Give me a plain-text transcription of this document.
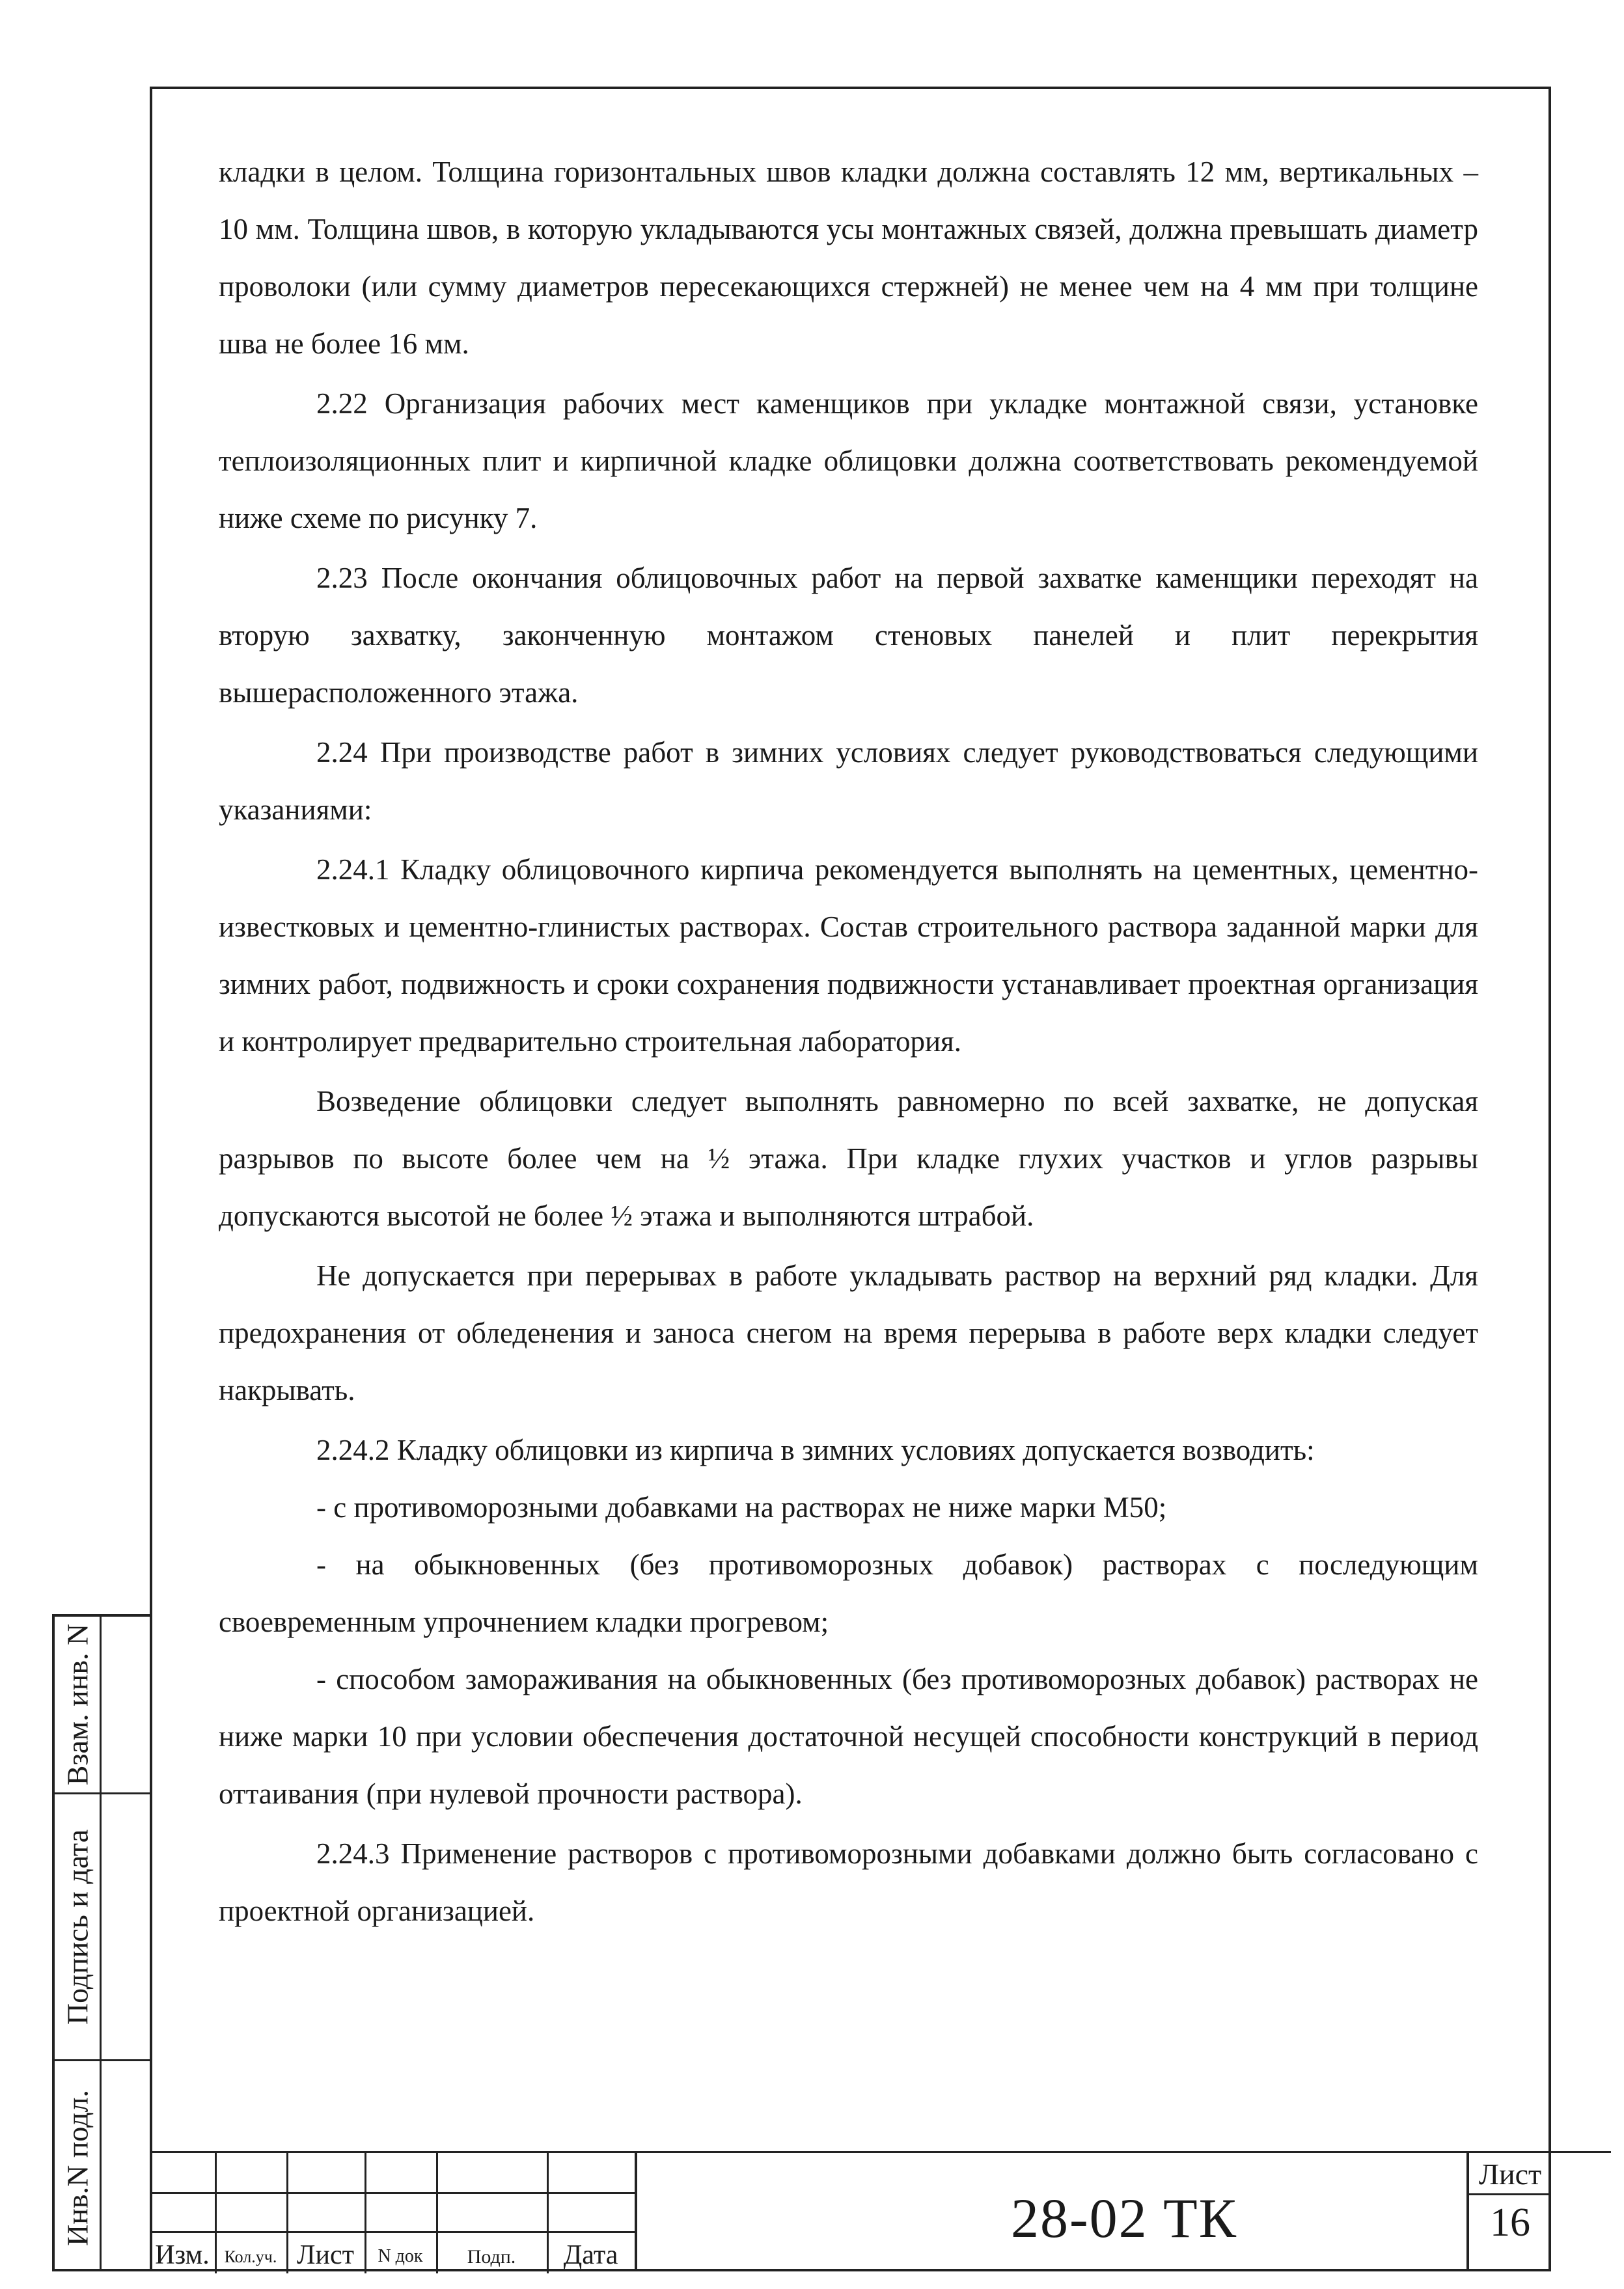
кладки в целом. Толщина горизонтальных швов кладки должна составлять 12 мм, вертикальных – 10 мм. Толщина швов, в которую укладываются усы монтажных связей, должна превышать диаметр проволоки (или сумму диаметров пересекающихся стержней) не менее чем на 4 мм при толщине шва не более 16 мм.

2.22 Организация рабочих мест каменщиков при укладке монтажной связи, установке теплоизоляционных плит и кирпичной кладке облицовки должна соответствовать рекомендуемой ниже схеме по рисунку 7.

2.23 После окончания облицовочных работ на первой захватке каменщики переходят на вторую захватку, законченную монтажом стеновых панелей и плит перекрытия вышерасположенного этажа.

2.24 При производстве работ в зимних условиях следует руководствоваться следующими указаниями:

2.24.1 Кладку облицовочного кирпича рекомендуется выполнять на цементных, цементно-известковых и цементно-глинистых растворах. Состав строительного раствора заданной марки для зимних работ, подвижность и сроки сохранения подвижности устанавливает проектная организация и контролирует предварительно строительная лаборатория.

Возведение облицовки следует выполнять равномерно по всей захватке, не допуская разрывов по высоте более чем на ½ этажа. При кладке глухих участков и углов разрывы допускаются высотой не более ½ этажа и выполняются штрабой.

Не допускается при перерывах в работе укладывать раствор на верхний ряд кладки. Для предохранения от обледенения и заноса снегом на время перерыва в работе верх кладки следует накрывать.

2.24.2 Кладку облицовки из кирпича в зимних условиях допускается возводить:

- с противоморозными добавками на растворах не ниже марки М50;

- на обыкновенных (без противоморозных добавок) растворах с последующим своевременным упрочнением кладки прогревом;

- способом замораживания на обыкновенных (без противоморозных добавок) растворах не ниже марки 10 при условии обеспечения достаточной несущей способности конструкций в период оттаивания (при нулевой прочности раствора).

2.24.3 Применение растворов с противоморозными добавками должно быть согласовано с проектной организацией.

Взам. инв. N
Подпись и дата
Инв.N подл.
Изм. Кол.уч. Лист	N док	Подп.	Дата
28-02 ТК
Лист
16
